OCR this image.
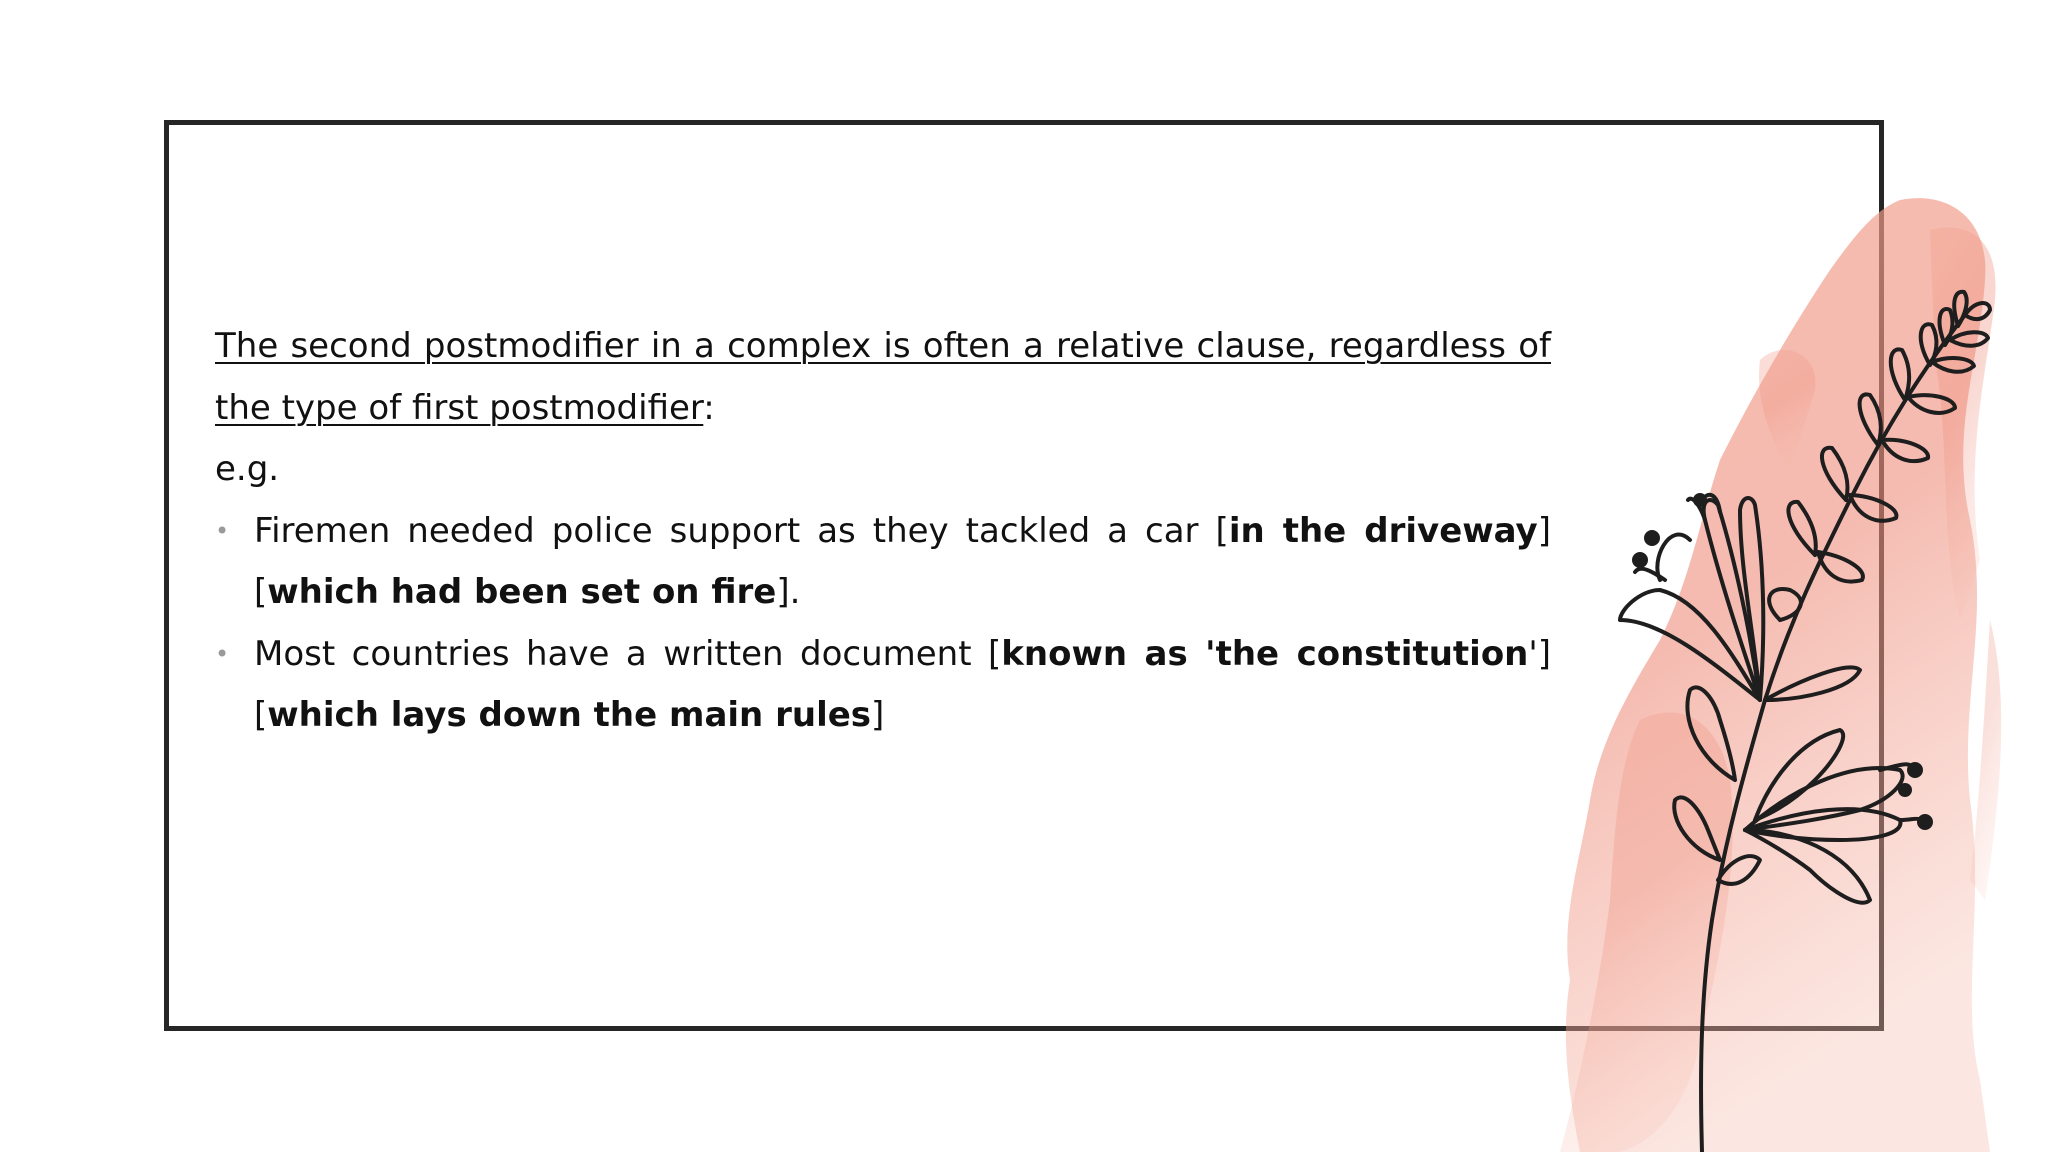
The second postmodifier in a complex is often a relative clause, regardless of the type of first postmodifier:

e.g.

• Firemen needed police support as they tackled a car [in the driveway] [which had been set on fire].
• Most countries have a written document [known as 'the constitution'] [which lays down the main rules]
